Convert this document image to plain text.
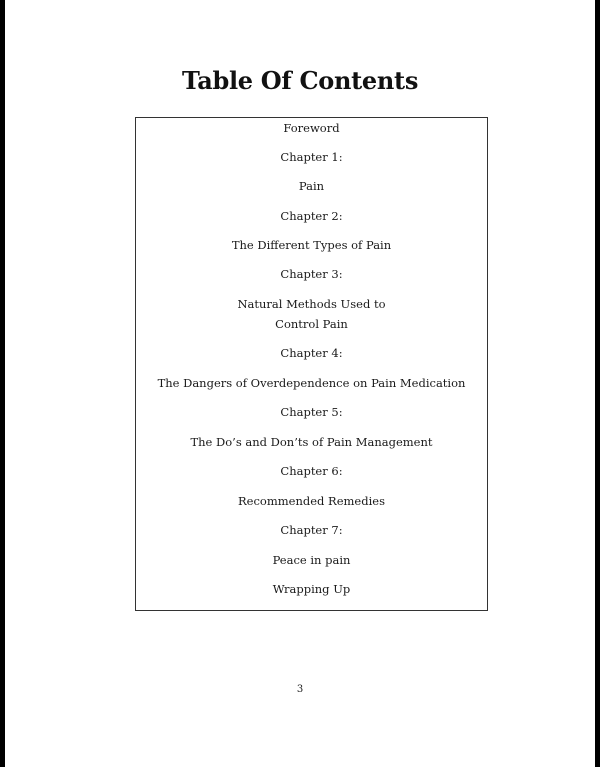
Table Of Contents
Foreword
Chapter 1:
Pain
Chapter 2:
The Different Types of Pain
Chapter 3:
Natural Methods Used to
Control Pain
Chapter 4:
The Dangers of Overdependence on Pain Medication
Chapter 5:
The Do’s and Don’ts of Pain Management
Chapter 6:
Recommended Remedies
Chapter 7:
Peace in pain
Wrapping Up
3
